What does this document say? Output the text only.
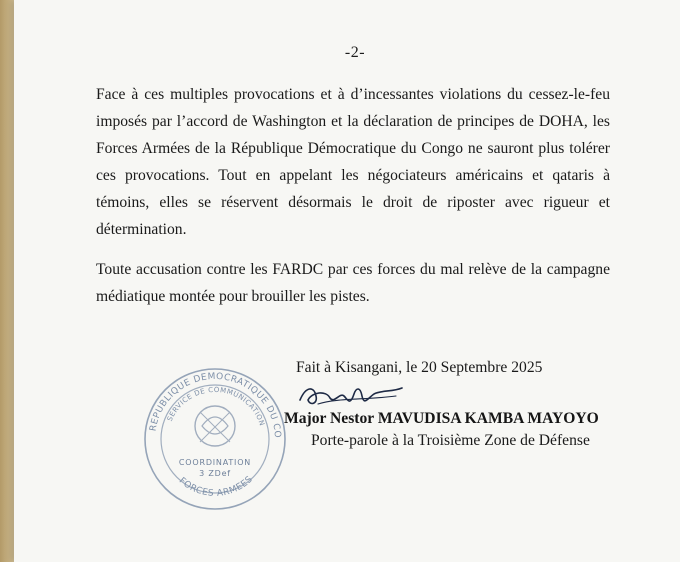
-2-

Face à ces multiples provocations et à d’incessantes violations du cessez-le-feu imposés par l’accord de Washington et la déclaration de principes de DOHA, les Forces Armées de la République Démocratique du Congo ne sauront plus tolérer ces provocations. Tout en appelant les négociateurs américains et qataris à témoins, elles se réservent désormais le droit de riposter avec rigueur et détermination.

Toute accusation contre les FARDC par ces forces du mal relève de la campagne médiatique montée pour brouiller les pistes.

REPUBLIQUE DEMOCRATIQUE DU CO
SERVICE DE COMMUNICATION
COORDINATION
3 ZDef
FORCES ARMEES
Fait à Kisangani, le 20 Septembre 2025
Major Nestor MAVUDISA KAMBA MAYOYO
Porte-parole à la Troisième Zone de Défense
